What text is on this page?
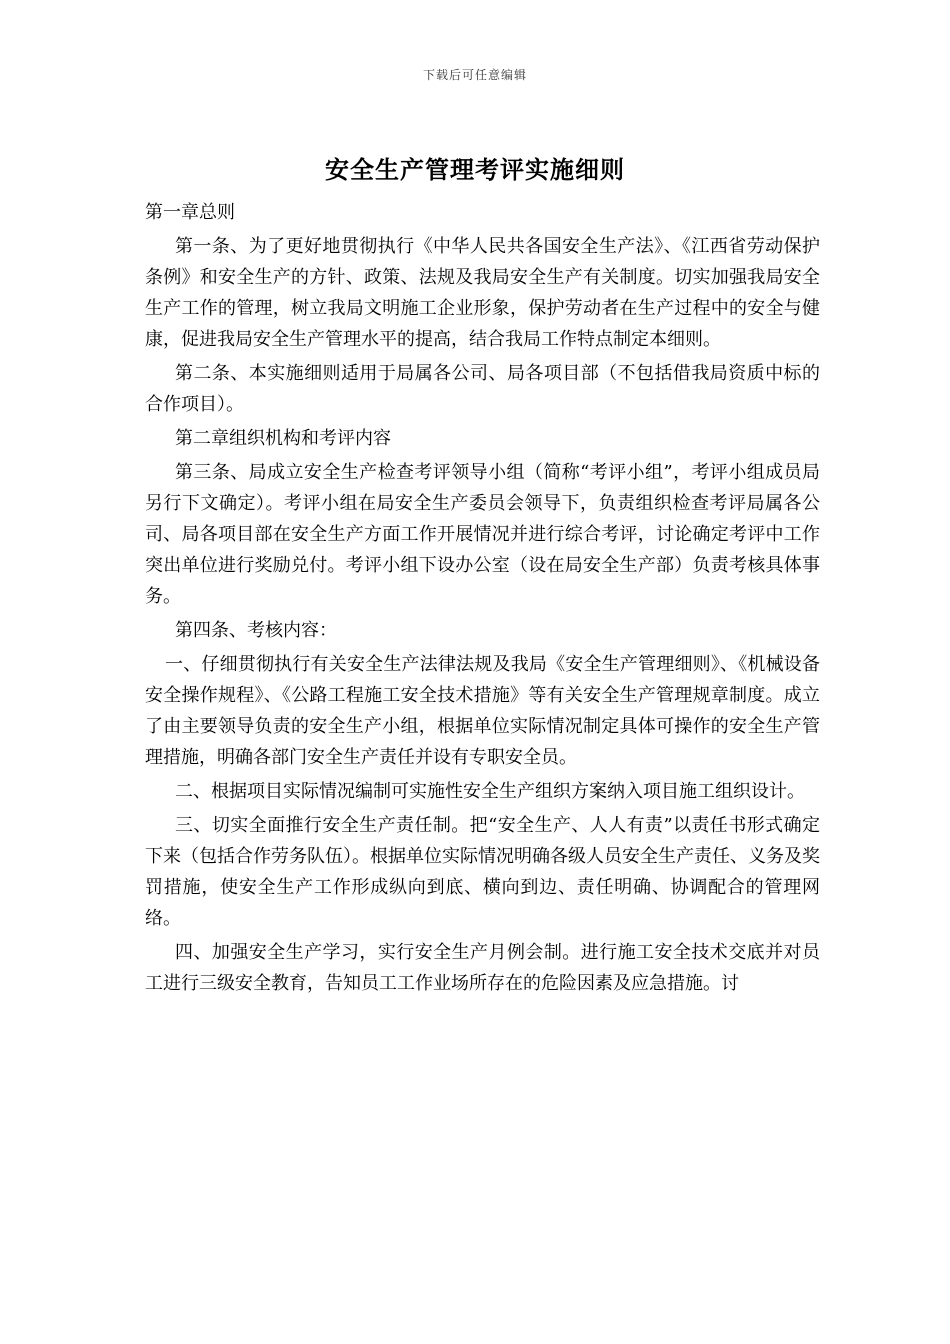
下载后可任意编辑
安全生产管理考评实施细则

第一章总则

第一条、为了更好地贯彻执行《中华人民共各国安全生产法》、《江西省劳动保护条例》和安全生产的方针、政策、法规及我局安全生产有关制度。切实加强我局安全生产工作的管理，树立我局文明施工企业形象，保护劳动者在生产过程中的安全与健康，促进我局安全生产管理水平的提高，结合我局工作特点制定本细则。

第二条、本实施细则适用于局属各公司、局各项目部（不包括借我局资质中标的合作项目）。

第二章组织机构和考评内容

第三条、局成立安全生产检查考评领导小组（简称“考评小组”，考评小组成员局另行下文确定）。考评小组在局安全生产委员会领导下，负责组织检查考评局属各公司、局各项目部在安全生产方面工作开展情况并进行综合考评，讨论确定考评中工作突出单位进行奖励兑付。考评小组下设办公室（设在局安全生产部）负责考核具体事务。

第四条、考核内容：

一、仔细贯彻执行有关安全生产法律法规及我局《安全生产管理细则》、《机械设备安全操作规程》、《公路工程施工安全技术措施》等有关安全生产管理规章制度。成立了由主要领导负责的安全生产小组，根据单位实际情况制定具体可操作的安全生产管理措施，明确各部门安全生产责任并设有专职安全员。

二、根据项目实际情况编制可实施性安全生产组织方案纳入项目施工组织设计。

三、切实全面推行安全生产责任制。把“安全生产、人人有责”以责任书形式确定下来（包括合作劳务队伍）。根据单位实际情况明确各级人员安全生产责任、义务及奖罚措施，使安全生产工作形成纵向到底、横向到边、责任明确、协调配合的管理网络。

四、加强安全生产学习，实行安全生产月例会制。进行施工安全技术交底并对员工进行三级安全教育，告知员工工作业场所存在的危险因素及应急措施。讨
